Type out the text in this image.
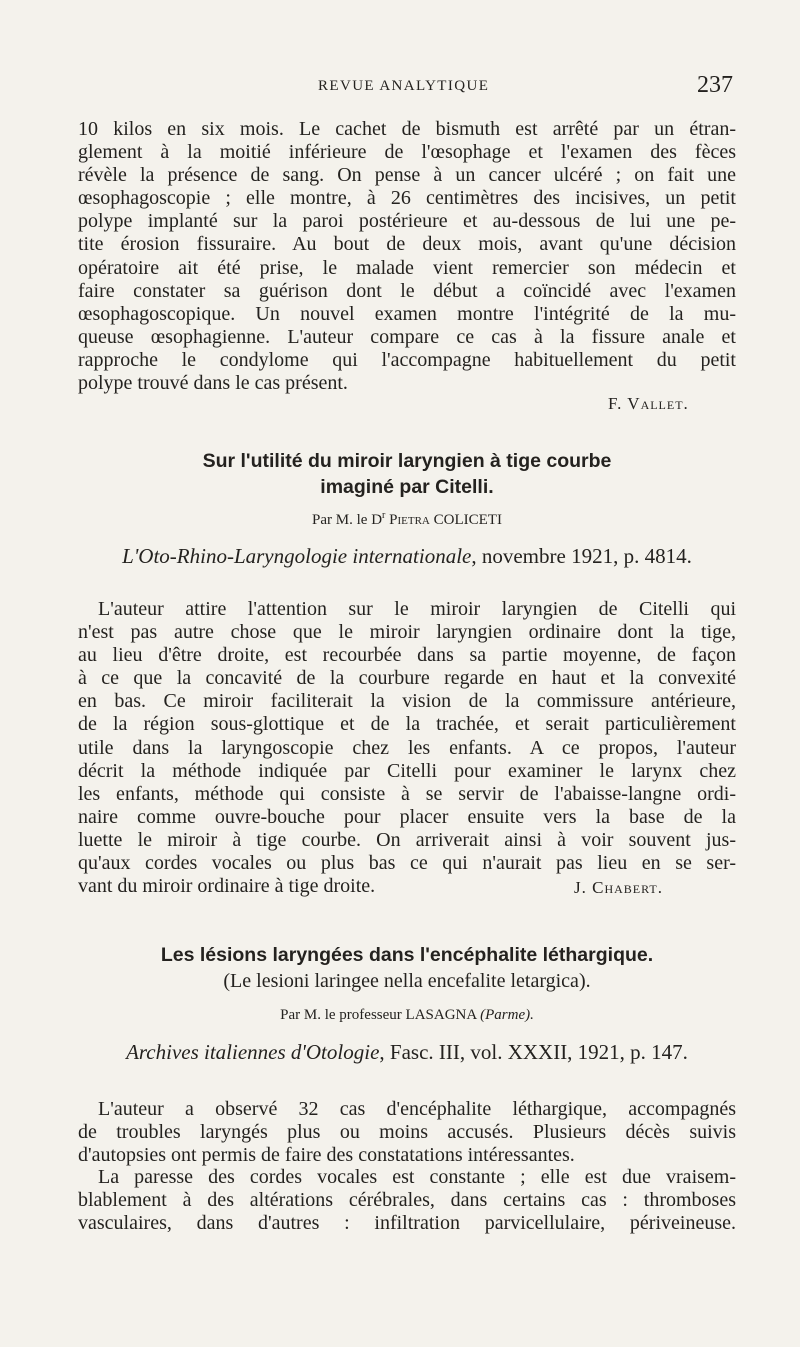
REVUE ANALYTIQUE	237
10 kilos en six mois. Le cachet de bismuth est arrêté par un étran-
glement à la moitié inférieure de l'œsophage et l'examen des fèces
révèle la présence de sang. On pense à un cancer ulcéré ; on fait une
œsophagoscopie ; elle montre, à 26 centimètres des incisives, un petit
polype implanté sur la paroi postérieure et au-dessous de lui une pe-
tite érosion fissuraire. Au bout de deux mois, avant qu'une décision
opératoire ait été prise, le malade vient remercier son médecin et
faire constater sa guérison dont le début a coïncidé avec l'examen
œsophagoscopique. Un nouvel examen montre l'intégrité de la mu-
queuse œsophagienne. L'auteur compare ce cas à la fissure anale et
rapproche le condylome qui l'accompagne habituellement du petit
polype trouvé dans le cas présent.
F. Vallet.
Sur l'utilité du miroir laryngien à tige courbe
imaginé par Citelli.
Par M. le $D^r$ Pietra COLICETI
L'Oto-Rhino-Laryngologie internationale, novembre 1921, p. 4814.
L'auteur attire l'attention sur le miroir laryngien de Citelli qui
n'est pas autre chose que le miroir laryngien ordinaire dont la tige,
au lieu d'être droite, est recourbée dans sa partie moyenne, de façon
à ce que la concavité de la courbure regarde en haut et la convexité
en bas. Ce miroir faciliterait la vision de la commissure antérieure,
de la région sous-glottique et de la trachée, et serait particulièrement
utile dans la laryngoscopie chez les enfants. A ce propos, l'auteur
décrit la méthode indiquée par Citelli pour examiner le larynx chez
les enfants, méthode qui consiste à se servir de l'abaisse-langne ordi-
naire comme ouvre-bouche pour placer ensuite vers la base de la
luette le miroir à tige courbe. On arriverait ainsi à voir souvent jus-
qu'aux cordes vocales ou plus bas ce qui n'aurait pas lieu en se ser-
vant du miroir ordinaire à tige droite.	J. Chabert.
Les lésions laryngées dans l'encéphalite léthargique.
(Le lesioni laringee nella encefalite letargica).
Par M. le professeur LASAGNA (Parme).
Archives italiennes d'Otologie, Fasc. III, vol. XXXII, 1921, p. 147.
L'auteur a observé 32 cas d'encéphalite léthargique, accompagnés
de troubles laryngés plus ou moins accusés. Plusieurs décès suivis
d'autopsies ont permis de faire des constatations intéressantes.
La paresse des cordes vocales est constante ; elle est due vraisem-
blablement à des altérations cérébrales, dans certains cas : thromboses
vasculaires, dans d'autres : infiltration parvicellulaire, périveineuse.
